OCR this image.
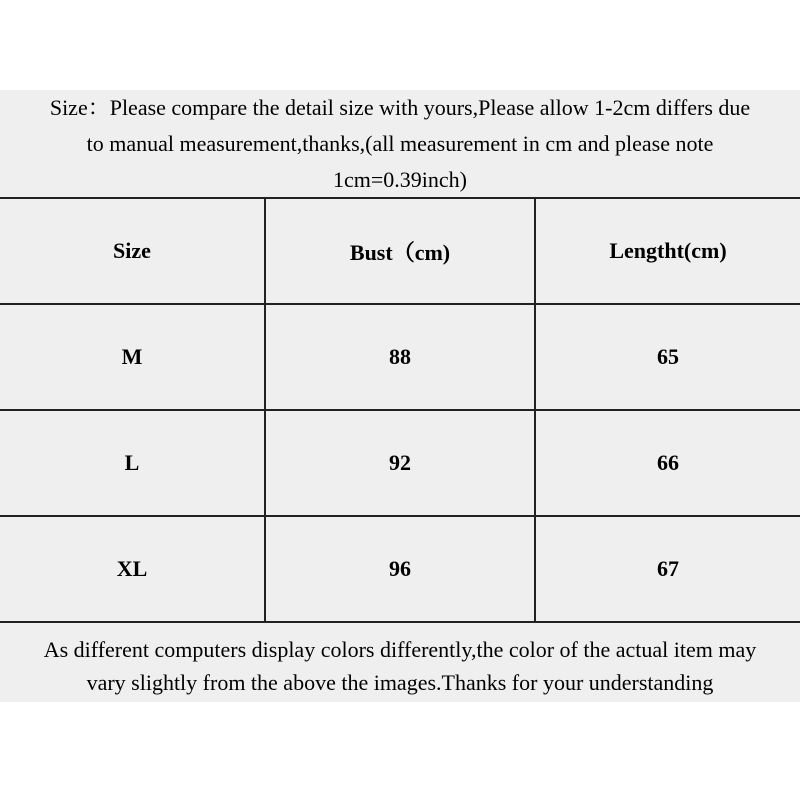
Size：Please compare the detail size with yours,Please allow 1-2cm differs due
to manual measurement,thanks,(all measurement in cm and please note
1cm=0.39inch)
Size	Bust（cm)	Lengtht(cm)
M	88	65
L	92	66
XL	96	67
As different computers display colors differently,the color of the actual item may
vary slightly from the above the images.Thanks for your understanding
